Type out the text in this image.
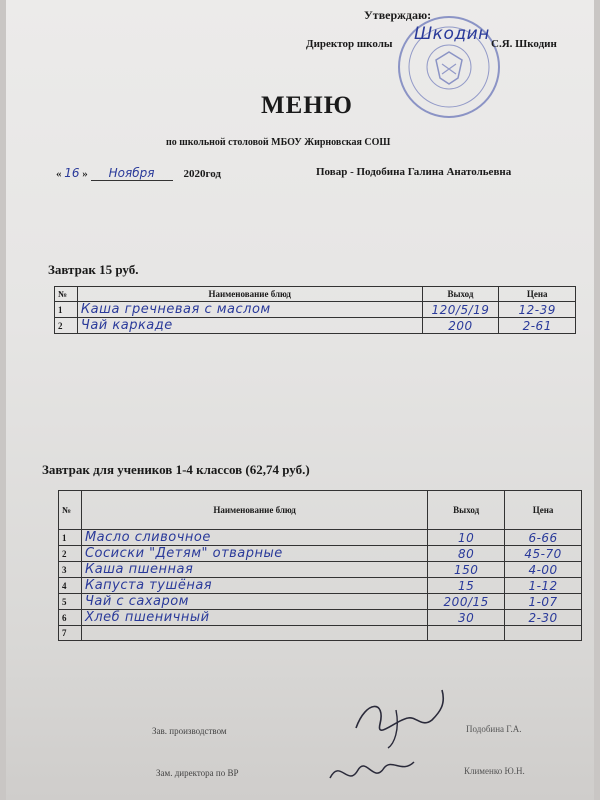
Утверждаю:
Директор школы Шкодин С.Я. Шкодин
МЕНЮ
по школьной столовой МБОУ Жирновская СОШ
« 16 » Ноября	2020год	Повар - Подобина Галина Анатольевна
Завтрак 15 руб.
№	Наименование блюд	Выход	Цена
1	Каша гречневая с маслом	120/5/19	12-39
2	Чай каркаде	200	2-61
Завтрак для учеников 1-4 классов (62,74 руб.)
№	Наименование блюд	Выход	Цена
1	Масло сливочное	10	6-66
2	Сосиски "Детям" отварные	80	45-70
3	Каша пшенная	150	4-00
4	Капуста тушёная	15	1-12
5	Чай с сахаром	200/15	1-07
6	Хлеб пшеничный	30	2-30
7			
Зав. производством	Подобина Г.А.
Зам. директора по ВР	Клименко Ю.Н.
